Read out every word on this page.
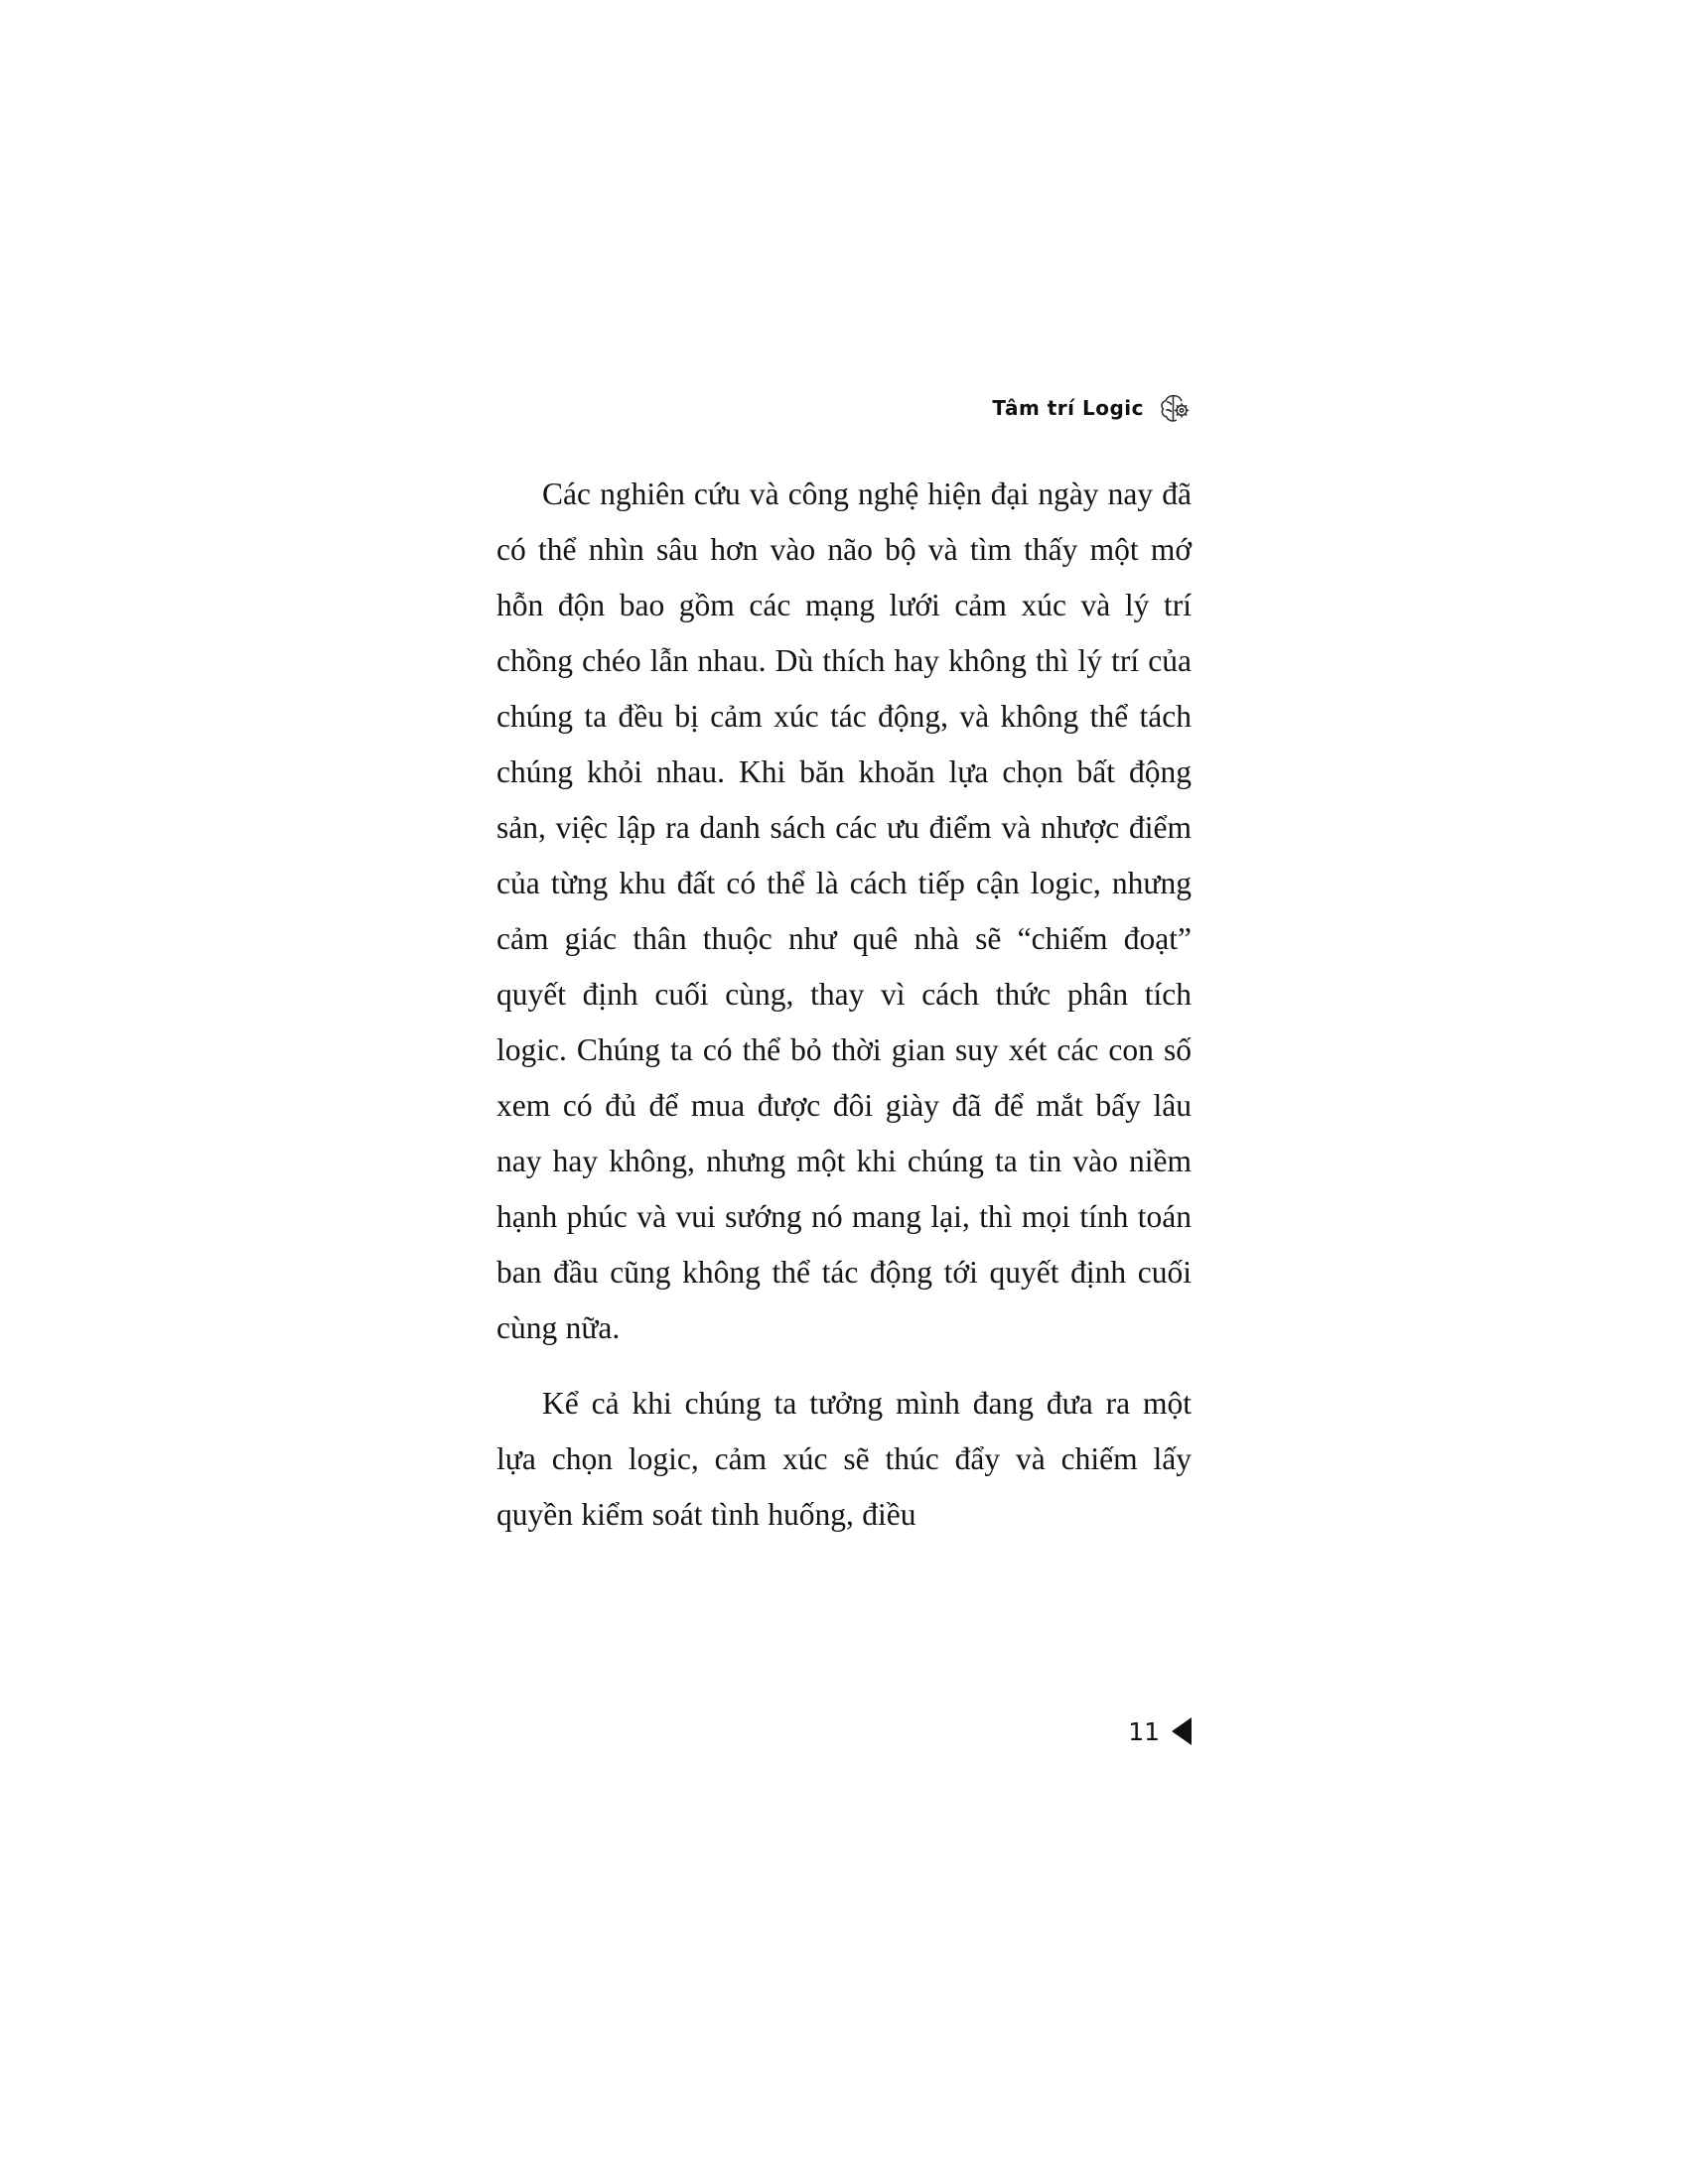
Tâm trí Logic

Các nghiên cứu và công nghệ hiện đại ngày nay đã có thể nhìn sâu hơn vào não bộ và tìm thấy một mớ hỗn độn bao gồm các mạng lưới cảm xúc và lý trí chồng chéo lẫn nhau. Dù thích hay không thì lý trí của chúng ta đều bị cảm xúc tác động, và không thể tách chúng khỏi nhau. Khi băn khoăn lựa chọn bất động sản, việc lập ra danh sách các ưu điểm và nhược điểm của từng khu đất có thể là cách tiếp cận logic, nhưng cảm giác thân thuộc như quê nhà sẽ “chiếm đoạt” quyết định cuối cùng, thay vì cách thức phân tích logic. Chúng ta có thể bỏ thời gian suy xét các con số xem có đủ để mua được đôi giày đã để mắt bấy lâu nay hay không, nhưng một khi chúng ta tin vào niềm hạnh phúc và vui sướng nó mang lại, thì mọi tính toán ban đầu cũng không thể tác động tới quyết định cuối cùng nữa.

Kể cả khi chúng ta tưởng mình đang đưa ra một lựa chọn logic, cảm xúc sẽ thúc đẩy và chiếm lấy quyền kiểm soát tình huống, điều

11
